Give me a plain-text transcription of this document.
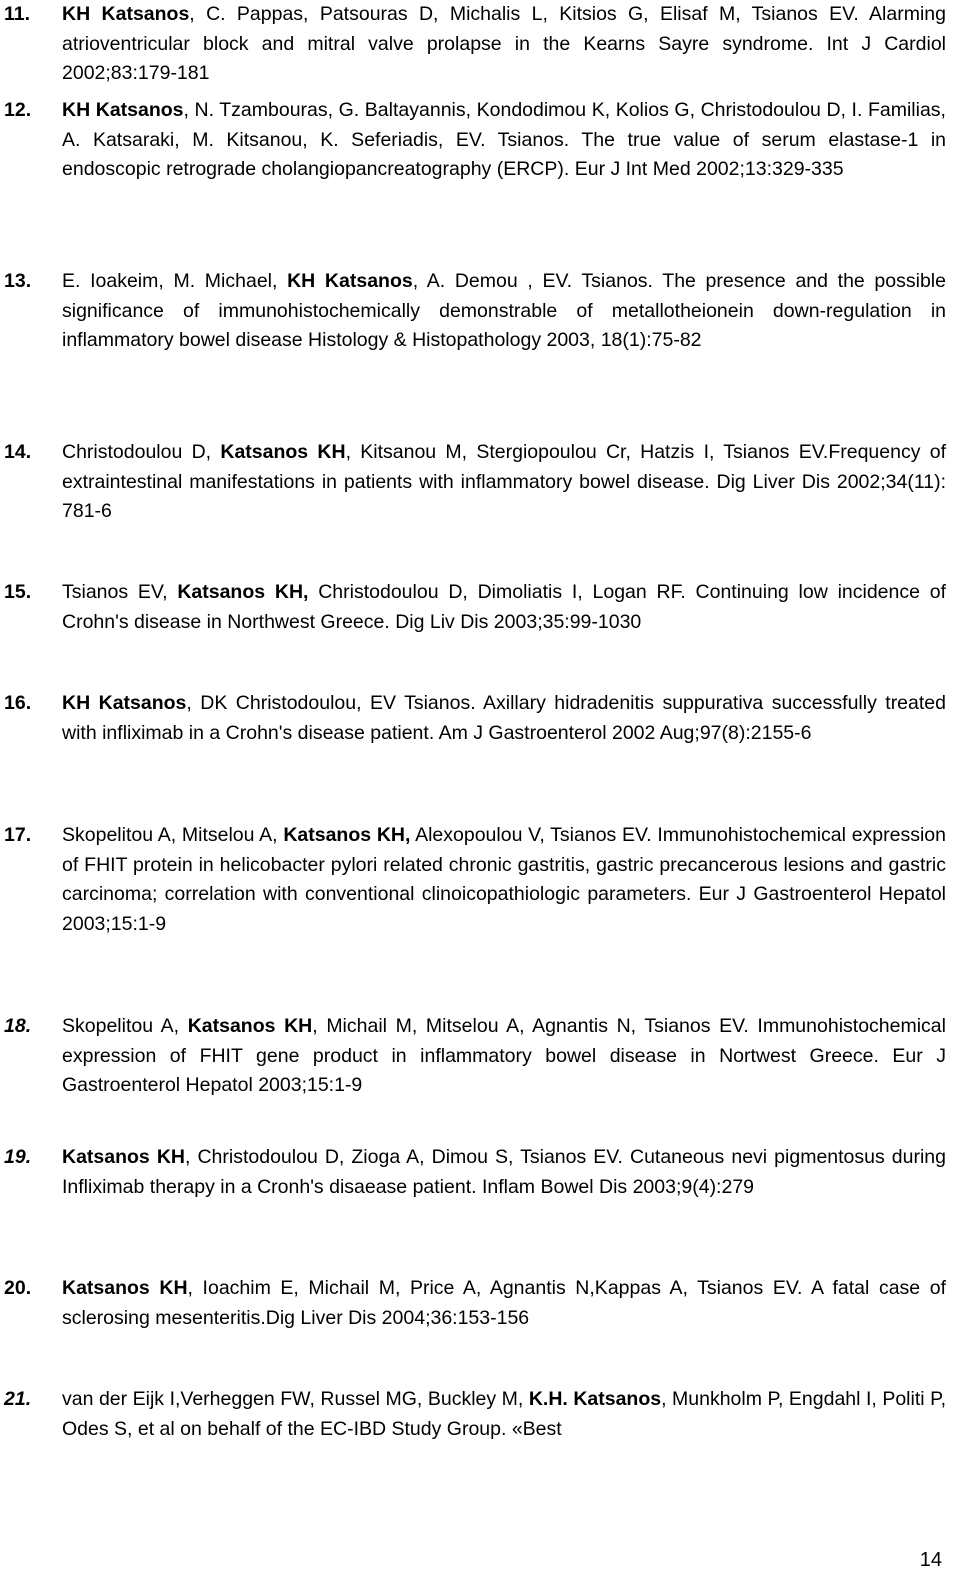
11. KH Katsanos, C. Pappas, Patsouras D, Michalis L, Kitsios G, Elisaf M, Tsianos EV. Alarming atrioventricular block and mitral valve prolapse in the Kearns Sayre syndrome. Int J Cardiol 2002;83:179-181
12. KH Katsanos, N. Tzambouras, G. Baltayannis, Kondodimou K, Kolios G, Christodoulou D, I. Familias, A. Katsaraki, M. Kitsanou, K. Seferiadis, EV. Tsianos. The true value of serum elastase-1 in endoscopic retrograde cholangiopancreatography (ERCP). Eur J Int Med 2002;13:329-335
13. E. Ioakeim, M. Michael, KH Katsanos, A. Demou , EV. Tsianos. The presence and the possible significance of immunohistochemically demonstrable of metallotheionein down-regulation in inflammatory bowel disease Histology & Histopathology 2003, 18(1):75-82
14. Christodoulou D, Katsanos KH, Kitsanou M, Stergiopoulou Cr, Hatzis I, Tsianos EV.Frequency of extraintestinal manifestations in patients with inflammatory bowel disease. Dig Liver Dis 2002;34(11): 781-6
15. Tsianos EV, Katsanos KH, Christodoulou D, Dimoliatis I, Logan RF. Continuing low incidence of Crohn's disease in Northwest Greece. Dig Liv Dis 2003;35:99-1030
16. KH Katsanos, DK Christodoulou, EV Tsianos. Axillary hidradenitis suppurativa successfully treated with infliximab in a Crohn's disease patient. Am J Gastroenterol 2002 Aug;97(8):2155-6
17. Skopelitou A, Mitselou A, Katsanos KH, Alexopoulou V, Tsianos EV. Immunohistochemical expression of FHIT protein in helicobacter pylori related chronic gastritis, gastric precancerous lesions and gastric carcinoma; correlation with conventional clinoicopathiologic parameters. Eur J Gastroenterol Hepatol 2003;15:1-9
18. Skopelitou A, Katsanos KH, Michail M, Mitselou A, Agnantis N, Tsianos EV. Immunohistochemical expression of FHIT gene product in inflammatory bowel disease in Nortwest Greece. Eur J Gastroenterol Hepatol 2003;15:1-9
19. Katsanos KH, Christodoulou D, Zioga A, Dimou S, Tsianos EV. Cutaneous nevi pigmentosus during Infliximab therapy in a Cronh's disaease patient. Inflam Bowel Dis 2003;9(4):279
20. Katsanos KH, Ioachim E, Michail M, Price A, Agnantis N,Kappas A, Tsianos EV. A fatal case of sclerosing mesenteritis.Dig Liver Dis 2004;36:153-156
21. van der Eijk I,Verheggen FW, Russel MG, Buckley M, K.H. Katsanos, Munkholm P, Engdahl I, Politi P, Odes S, et al on behalf of the EC-IBD Study Group. «Best
14
